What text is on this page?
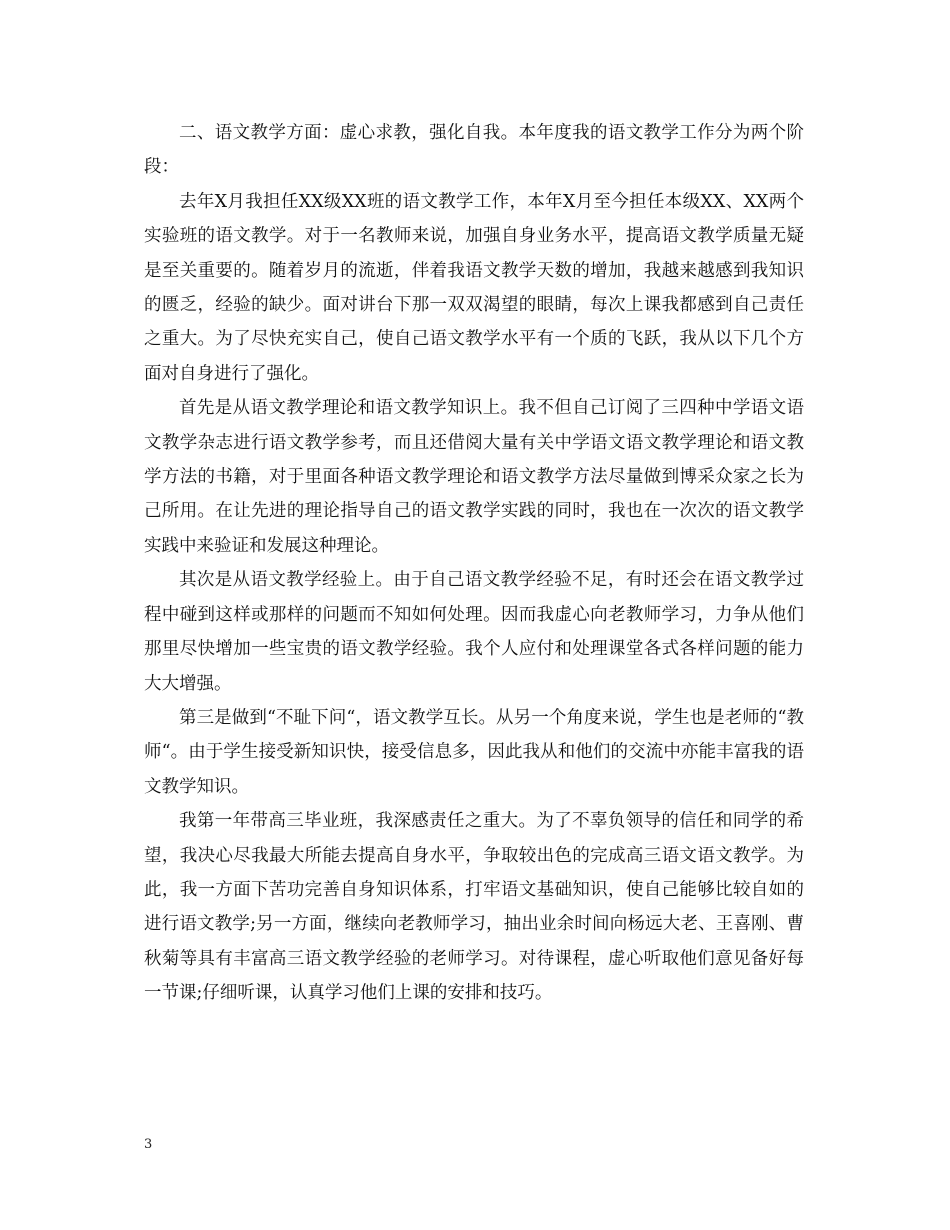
二、语文教学方面：虚心求教，强化自我。本年度我的语文教学工作分为两个阶段：

去年X月我担任XX级XX班的语文教学工作，本年X月至今担任本级XX、XX两个实验班的语文教学。对于一名教师来说，加强自身业务水平，提高语文教学质量无疑是至关重要的。随着岁月的流逝，伴着我语文教学天数的增加，我越来越感到我知识的匮乏，经验的缺少。面对讲台下那一双双渴望的眼睛，每次上课我都感到自己责任之重大。为了尽快充实自己，使自己语文教学水平有一个质的飞跃，我从以下几个方面对自身进行了强化。

首先是从语文教学理论和语文教学知识上。我不但自己订阅了三四种中学语文语文教学杂志进行语文教学参考，而且还借阅大量有关中学语文语文教学理论和语文教学方法的书籍，对于里面各种语文教学理论和语文教学方法尽量做到博采众家之长为己所用。在让先进的理论指导自己的语文教学实践的同时，我也在一次次的语文教学实践中来验证和发展这种理论。

其次是从语文教学经验上。由于自己语文教学经验不足，有时还会在语文教学过程中碰到这样或那样的问题而不知如何处理。因而我虚心向老教师学习，力争从他们那里尽快增加一些宝贵的语文教学经验。我个人应付和处理课堂各式各样问题的能力大大增强。

第三是做到“不耻下问“，语文教学互长。从另一个角度来说，学生也是老师的“教师“。由于学生接受新知识快，接受信息多，因此我从和他们的交流中亦能丰富我的语文教学知识。

我第一年带高三毕业班，我深感责任之重大。为了不辜负领导的信任和同学的希望，我决心尽我最大所能去提高自身水平，争取较出色的完成高三语文语文教学。为此，我一方面下苦功完善自身知识体系，打牢语文基础知识，使自己能够比较自如的进行语文教学;另一方面，继续向老教师学习，抽出业余时间向杨远大老、王喜刚、曹秋菊等具有丰富高三语文教学经验的老师学习。对待课程，虚心听取他们意见备好每一节课;仔细听课，认真学习他们上课的安排和技巧。

3
